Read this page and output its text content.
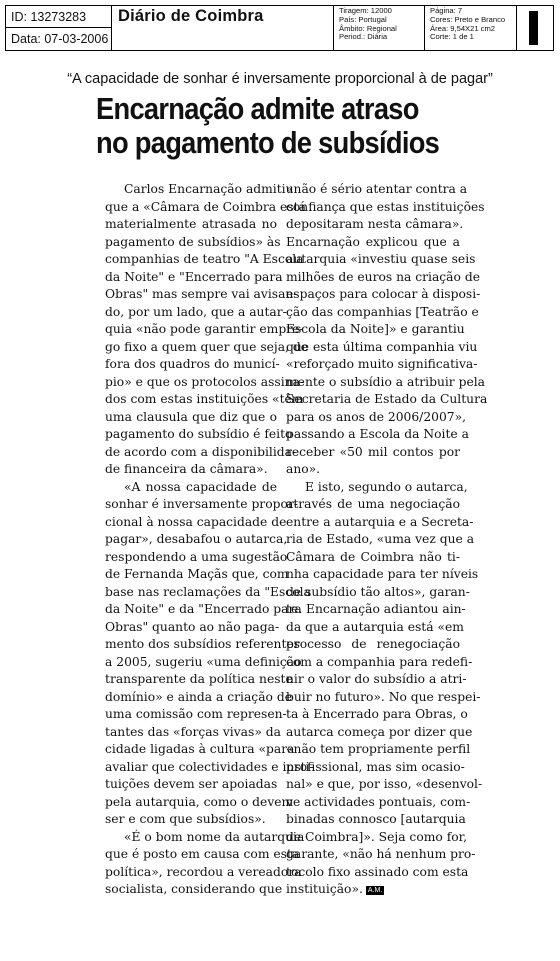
ID: 13273283
Data: 07-03-2006
Diário de Coimbra	Tiragem: 12000
País: Portugal
Âmbito: Regional
Period.: Diária
Página: 7
Cores: Preto e Branco
Área: 9,54X21 cm2
Corte: 1 de 1
“A capacidade de sonhar é inversamente proporcional à de pagar”
Encarnação admite atraso
no pagamento de subsídios
Carlos Encarnação admitiu
que a «Câmara de Coimbra está
materialmente atrasada no
pagamento de subsídios» às
companhias de teatro "A Escola
da Noite" e "Encerrado para
Obras" mas sempre vai avisan-
do, por um lado, que a autar-
quia «não pode garantir empre-
go fixo a quem quer que seja, de
fora dos quadros do municí-
pio» e que os protocolos assina-
dos com estas instituições «têm
uma clausula que diz que o
pagamento do subsídio é feito
de acordo com a disponibilida-
de financeira da câmara».
«A nossa capacidade de
sonhar é inversamente propor-
cional à nossa capacidade de
pagar», desabafou o autarca,
respondendo a uma sugestão
de Fernanda Maçãs que, com
base nas reclamações da "Escola
da Noite" e da "Encerrado para
Obras" quanto ao não paga-
mento dos subsídios referentes
a 2005, sugeriu «uma definição
transparente da política neste
domínio» e ainda a criação de
uma comissão com represen-
tantes das «forças vivas» da
cidade ligadas à cultura «para
avaliar que colectividades e insti-
tuições devem ser apoiadas
pela autarquia, como o devem
ser e com que subsídios».
«É o bom nome da autarquia
que é posto em causa com esta
política», recordou a vereadora
socialista, considerando que
«não é sério atentar contra a
confiança que estas instituições
depositaram nesta câmara».
Encarnação explicou que a
autarquia «investiu quase seis
milhões de euros na criação de
espaços para colocar à disposi-
ção das companhias [Teatrão e
Escola da Noite]» e garantiu
que esta última companhia viu
«reforçado muito significativa-
mente o subsídio a atribuir pela
Secretaria de Estado da Cultura
para os anos de 2006/2007»,
passando a Escola da Noite a
receber «50 mil contos por
ano».
E isto, segundo o autarca,
através de uma negociação
entre a autarquia e a Secreta-
ria de Estado, «uma vez que a
Câmara de Coimbra não ti-
nha capacidade para ter níveis
de subsídio tão altos», garan-
te. Encarnação adiantou ain-
da que a autarquia está «em
processo de renegociação
com a companhia para redefi-
nir o valor do subsídio a atri-
buir no futuro». No que respei-
ta à Encerrado para Obras, o
autarca começa por dizer que
«não tem propriamente perfil
profissional, mas sim ocasio-
nal» e que, por isso, «desenvol-
ve actividades pontuais, com-
binadas connosco [autarquia
de Coimbra]». Seja como for,
garante, «não há nenhum pro-
tocolo fixo assinado com esta
instituição». A.M.
